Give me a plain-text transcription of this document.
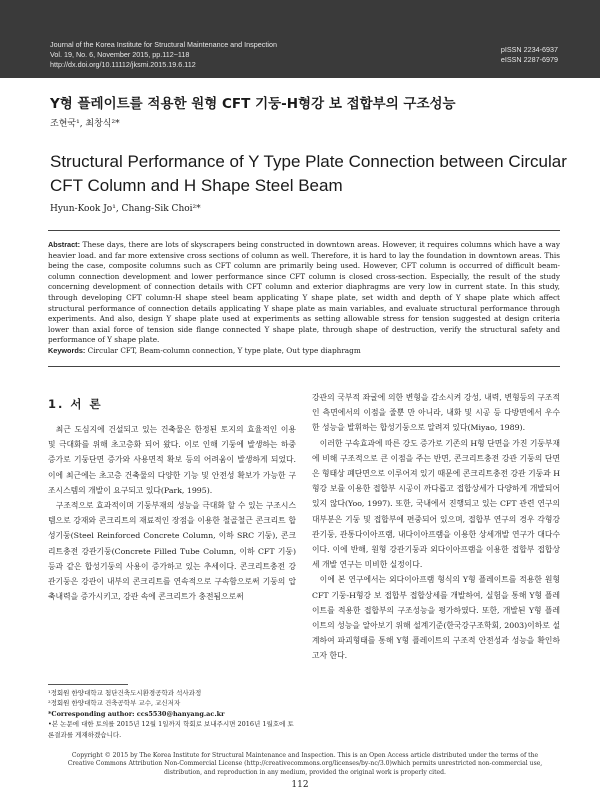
Journal of the Korea Institute for Structural Maintenance and Inspection
Vol. 19, No. 6, November 2015, pp.112~118
http://dx.doi.org/10.11112/jksmi.2015.19.6.112
pISSN 2234-6937
eISSN 2287-6979
Y형 플레이트를 적용한 원형 CFT 기둥-H형강 보 접합부의 구조성능
조현국¹, 최창식²*
Structural Performance of Y Type Plate Connection between Circular CFT Column and H Shape Steel Beam
Hyun-Kook Jo¹, Chang-Sik Choi²*
Abstract: These days, there are lots of skyscrapers being constructed in downtown areas. However, it requires columns which have a way heavier load. and far more extensive cross sections of column as well. Therefore, it is hard to lay the foundation in downtown areas. This being the case, composite columns such as CFT column are primarily being used. However, CFT column is occurred of difficult beam-column connection development and lower performance since CFT column is closed cross-section. Especially, the result of the study concerning development of connection details with CFT column and exterior diaphragms are very low in current state. In this study, through developing CFT column-H shape steel beam applicating Y shape plate, set width and depth of Y shape plate which affect structural performance of connection details applicating Y shape plate as main variables, and evaluate structural performance through experiments. And also, design Y shape plate used at experiments as setting allowable stress for tension suggested at design criteria lower than axial force of tension side flange connected Y shape plate, through shape of destruction, verify the structural safety and performance of Y shape plate.
Keywords: Circular CFT, Beam-column connection, Y type plate, Out type diaphragm
1. 서 론

최근 도심지에 건설되고 있는 건축물은 한정된 토지의 효율적인 이용 및 극대화를 위해 초고층화 되어 왔다. 이로 인해 기둥에 발생하는 하중 증가로 기둥단면 증가와 사용면적 확보 등의 어려움이 발생하게 되었다. 이에 최근에는 초고층 건축물의 다양한 기능 및 안전성 확보가 가능한 구조시스템의 개발이 요구되고 있다(Park, 1995).

구조적으로 효과적이며 기둥부재의 성능을 극대화 할 수 있는 구조시스템으로 강재와 콘크리트의 재료적인 장점을 이용한 철골철근 콘크리트 합성기둥(Steel Reinforced Concrete Column, 이하 SRC 기둥), 콘크리트충전 강관기둥(Concrete Filled Tube Column, 이하 CFT 기둥)등과 같은 합성기둥의 사용이 증가하고 있는 추세이다. 콘크리트충전 강관기둥은 강관이 내부의 콘크리트를 연속적으로 구속함으로써 기둥의 압축내력을 증가시키고, 강관 속에 콘크리트가 충전됨으로써

강관의 국부적 좌굴에 의한 변형을 감소시켜 강성, 내력, 변형등의 구조적인 측면에서의 이점을 줄뿐 만 아니라, 내화 및 시공 등 다방면에서 우수한 성능을 발휘하는 합성기둥으로 알려져 있다(Miyao, 1989).

이러한 구속효과에 따른 강도 증가로 기존의 H형 단면을 가진 기둥부재에 비해 구조적으로 큰 이점을 주는 반면, 콘크리트충전 강관 기둥의 단면은 형태상 폐단면으로 이루어져 있기 때문에 콘크리트충전 강관 기둥과 H형강 보를 이용한 접합부 시공이 까다롭고 접합상세가 다양하게 개발되어 있지 않다(Yoo, 1997). 또한, 국내에서 진행되고 있는 CFT 관련 연구의 대부분은 기둥 및 접합부에 편중되어 있으며, 접합부 연구의 경우 각형강관기둥, 관통다이아프램, 내다이아프램을 이용한 상세개발 연구가 대다수이다. 이에 반해, 원형 강관기둥과 외다이아프램을 이용한 접합부 접합상세 개발 연구는 미비한 실정이다.

이에 본 연구에서는 외다이아프램 형식의 Y형 플레이트를 적용한 원형 CFT 기둥-H형강 보 접합부 접합상세를 개발하여, 실험을 통해 Y형 플레이트를 적용한 접합부의 구조성능을 평가하였다. 또한, 개발된 Y형 플레이트의 성능을 알아보기 위해 설계기준(한국강구조학회, 2003)이하로 설계하여 파괴형태를 통해 Y형 플레이트의 구조적 안전성과 성능을 확인하고자 한다.

¹정회원 한양대학교 첨단건축도시환경공학과 석사과정
²정회원 한양대학교 건축공학부 교수, 교신저자
*Corresponding author: ccs5530@hanyang.ac.kr
•본 논문에 대한 토의를 2015년 12월 1일까지 학회로 보내주시면 2016년 1월호에 토론결과를 게재하겠습니다.
Copyright © 2015 by The Korea Institute for Structural Maintenance and Inspection. This is an Open Access article distributed under the terms of the Creative Commons Attribution Non-Commercial License (http://creativecommons.org/licenses/by-nc/3.0)which permits unrestricted non-commercial use, distribution, and reproduction in any medium, provided the original work is properly cited.
112
